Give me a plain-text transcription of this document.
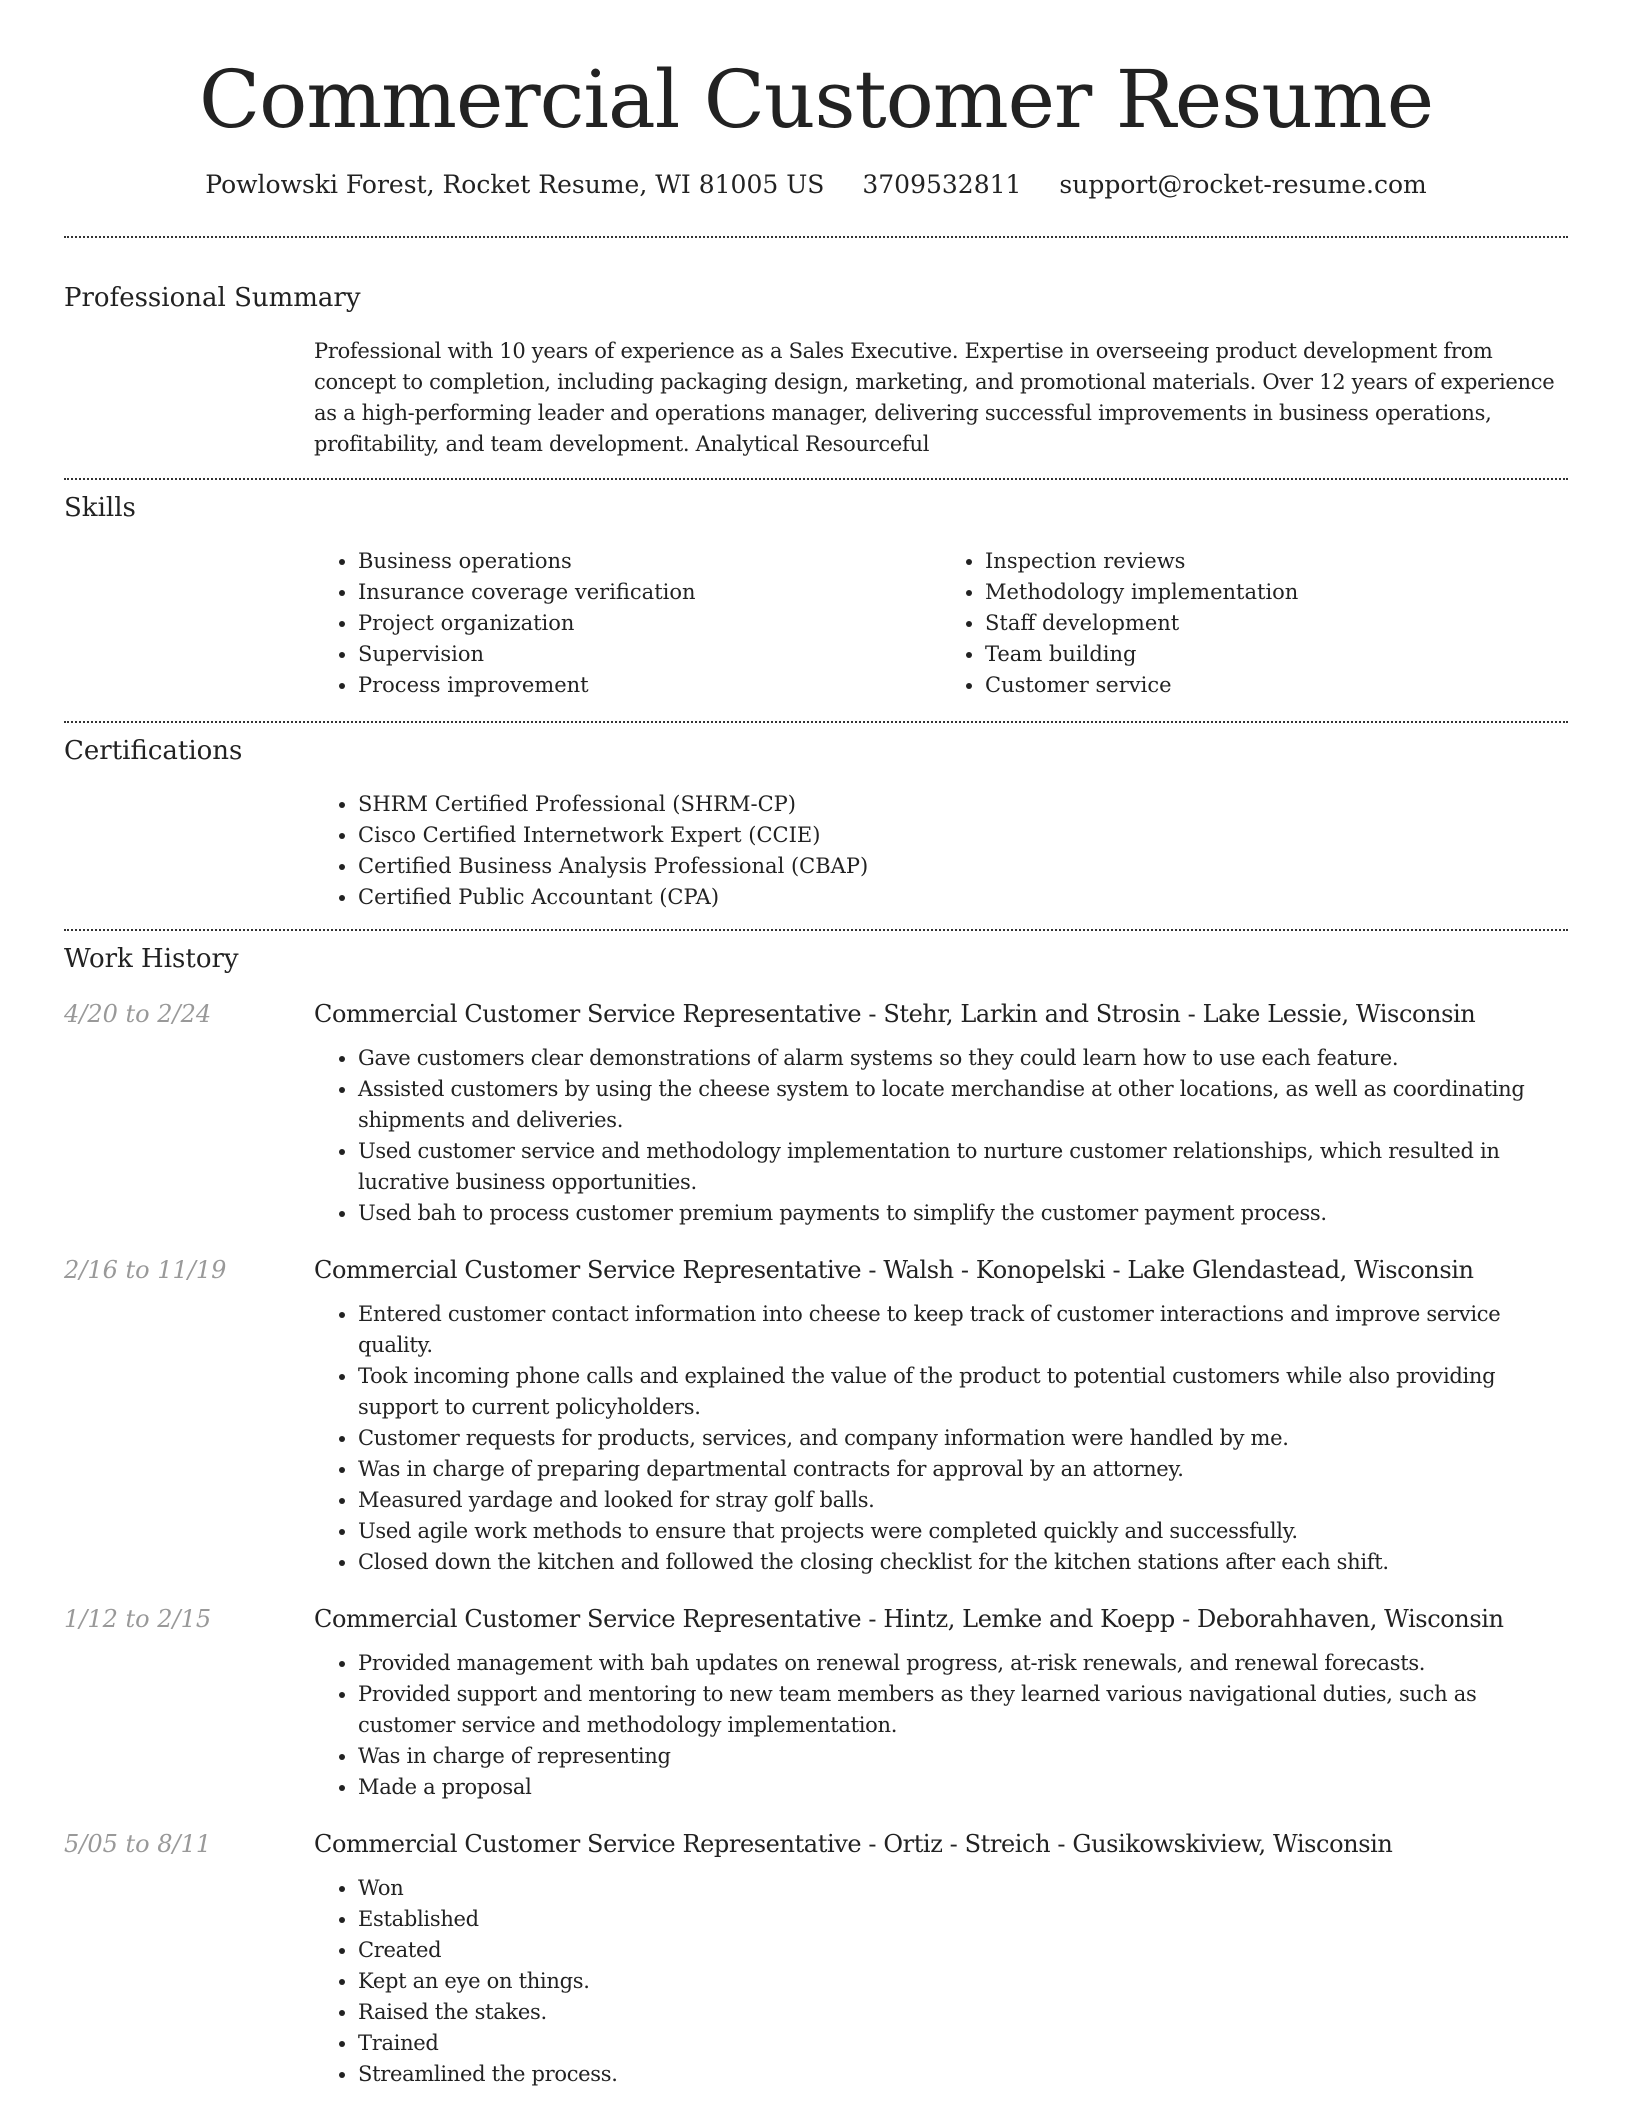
Commercial Customer Resume
Powlowski Forest, Rocket Resume, WI 81005 US 3709532811 support@rocket-resume.com
Professional Summary
Professional with 10 years of experience as a Sales Executive. Expertise in overseeing product development from concept to completion, including packaging design, marketing, and promotional materials. Over 12 years of experience as a high-performing leader and operations manager, delivering successful improvements in business operations, profitability, and team development. Analytical Resourceful
Skills
• Business operations
• Insurance coverage verification
• Project organization
• Supervision
• Process improvement
• Inspection reviews
• Methodology implementation
• Staff development
• Team building
• Customer service
Certifications
• SHRM Certified Professional (SHRM-CP)
• Cisco Certified Internetwork Expert (CCIE)
• Certified Business Analysis Professional (CBAP)
• Certified Public Accountant (CPA)
Work History
4/20 to 2/24	Commercial Customer Service Representative - Stehr, Larkin and Strosin - Lake Lessie, Wisconsin
• Gave customers clear demonstrations of alarm systems so they could learn how to use each feature.
• Assisted customers by using the cheese system to locate merchandise at other locations, as well as coordinating shipments and deliveries.
• Used customer service and methodology implementation to nurture customer relationships, which resulted in lucrative business opportunities.
• Used bah to process customer premium payments to simplify the customer payment process.
2/16 to 11/19	Commercial Customer Service Representative - Walsh - Konopelski - Lake Glendastead, Wisconsin
• Entered customer contact information into cheese to keep track of customer interactions and improve service quality.
• Took incoming phone calls and explained the value of the product to potential customers while also providing support to current policyholders.
• Customer requests for products, services, and company information were handled by me.
• Was in charge of preparing departmental contracts for approval by an attorney.
• Measured yardage and looked for stray golf balls.
• Used agile work methods to ensure that projects were completed quickly and successfully.
• Closed down the kitchen and followed the closing checklist for the kitchen stations after each shift.
1/12 to 2/15	Commercial Customer Service Representative - Hintz, Lemke and Koepp - Deborahhaven, Wisconsin
• Provided management with bah updates on renewal progress, at-risk renewals, and renewal forecasts.
• Provided support and mentoring to new team members as they learned various navigational duties, such as customer service and methodology implementation.
• Was in charge of representing
• Made a proposal
5/05 to 8/11	Commercial Customer Service Representative - Ortiz - Streich - Gusikowskiview, Wisconsin
• Won
• Established
• Created
• Kept an eye on things.
• Raised the stakes.
• Trained
• Streamlined the process.
